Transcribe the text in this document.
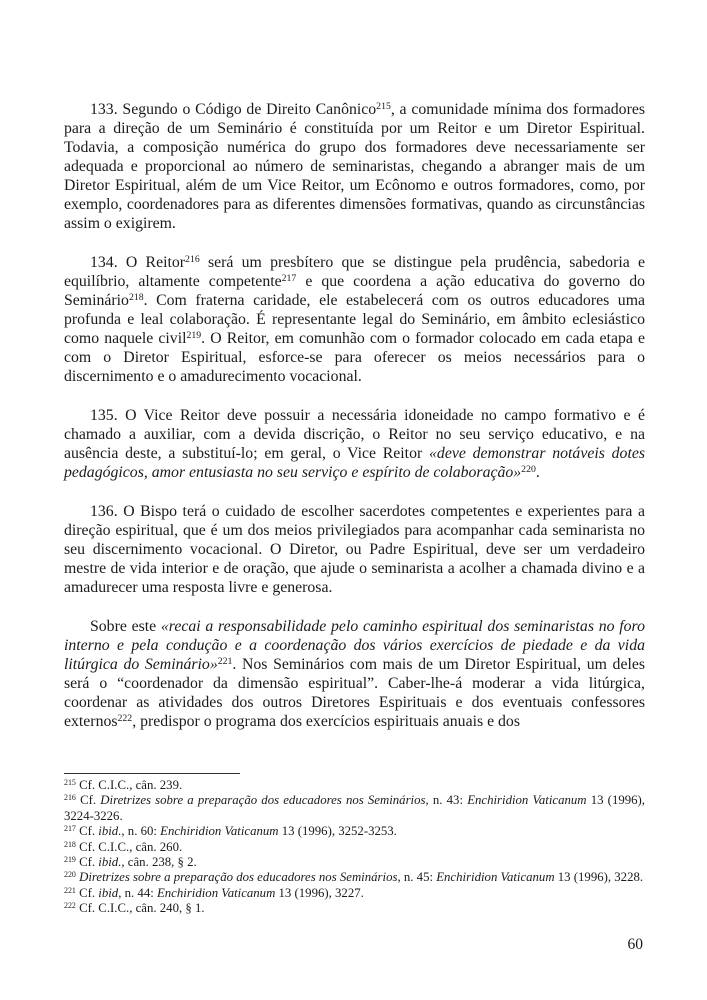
133. Segundo o Código de Direito Canônico$^{215}$, a comunidade mínima dos formadores para a direção de um Seminário é constituída por um Reitor e um Diretor Espiritual. Todavia, a composição numérica do grupo dos formadores deve necessariamente ser adequada e proporcional ao número de seminaristas, chegando a abranger mais de um Diretor Espiritual, além de um Vice Reitor, um Ecônomo e outros formadores, como, por exemplo, coordenadores para as diferentes dimensões formativas, quando as circunstâncias assim o exigirem.

134. O Reitor$^{216}$ será um presbítero que se distingue pela prudência, sabedoria e equilíbrio, altamente competente$^{217}$ e que coordena a ação educativa do governo do Seminário$^{218}$. Com fraterna caridade, ele estabelecerá com os outros educadores uma profunda e leal colaboração. É representante legal do Seminário, em âmbito eclesiástico como naquele civil$^{219}$. O Reitor, em comunhão com o formador colocado em cada etapa e com o Diretor Espiritual, esforce-se para oferecer os meios necessários para o discernimento e o amadurecimento vocacional.

135. O Vice Reitor deve possuir a necessária idoneidade no campo formativo e é chamado a auxiliar, com a devida discrição, o Reitor no seu serviço educativo, e na ausência deste, a substituí-lo; em geral, o Vice Reitor «deve demonstrar notáveis dotes pedagógicos, amor entusiasta no seu serviço e espírito de colaboração»$^{220}$.

136. O Bispo terá o cuidado de escolher sacerdotes competentes e experientes para a direção espiritual, que é um dos meios privilegiados para acompanhar cada seminarista no seu discernimento vocacional. O Diretor, ou Padre Espiritual, deve ser um verdadeiro mestre de vida interior e de oração, que ajude o seminarista a acolher a chamada divino e a amadurecer uma resposta livre e generosa.

Sobre este «recai a responsabilidade pelo caminho espiritual dos seminaristas no foro interno e pela condução e a coordenação dos vários exercícios de piedade e da vida litúrgica do Seminário»$^{221}$. Nos Seminários com mais de um Diretor Espiritual, um deles será o “coordenador da dimensão espiritual”. Caber-lhe-á moderar a vida litúrgica, coordenar as atividades dos outros Diretores Espirituais e dos eventuais confessores externos$^{222}$, predispor o programa dos exercícios espirituais anuais e dos

$^{215}$ Cf. C.I.C., cân. 239.

$^{216}$ Cf. Diretrizes sobre a preparação dos educadores nos Seminários, n. 43: Enchiridion Vaticanum 13 (1996), 3224-3226.

$^{217}$ Cf. ibid., n. 60: Enchiridion Vaticanum 13 (1996), 3252-3253.

$^{218}$ Cf. C.I.C., cân. 260.

$^{219}$ Cf. ibid., cân. 238, § 2.

$^{220}$ Diretrizes sobre a preparação dos educadores nos Seminários, n. 45: Enchiridion Vaticanum 13 (1996), 3228.

$^{221}$ Cf. ibid, n. 44: Enchiridion Vaticanum 13 (1996), 3227.

$^{222}$ Cf. C.I.C., cân. 240, § 1.

60
